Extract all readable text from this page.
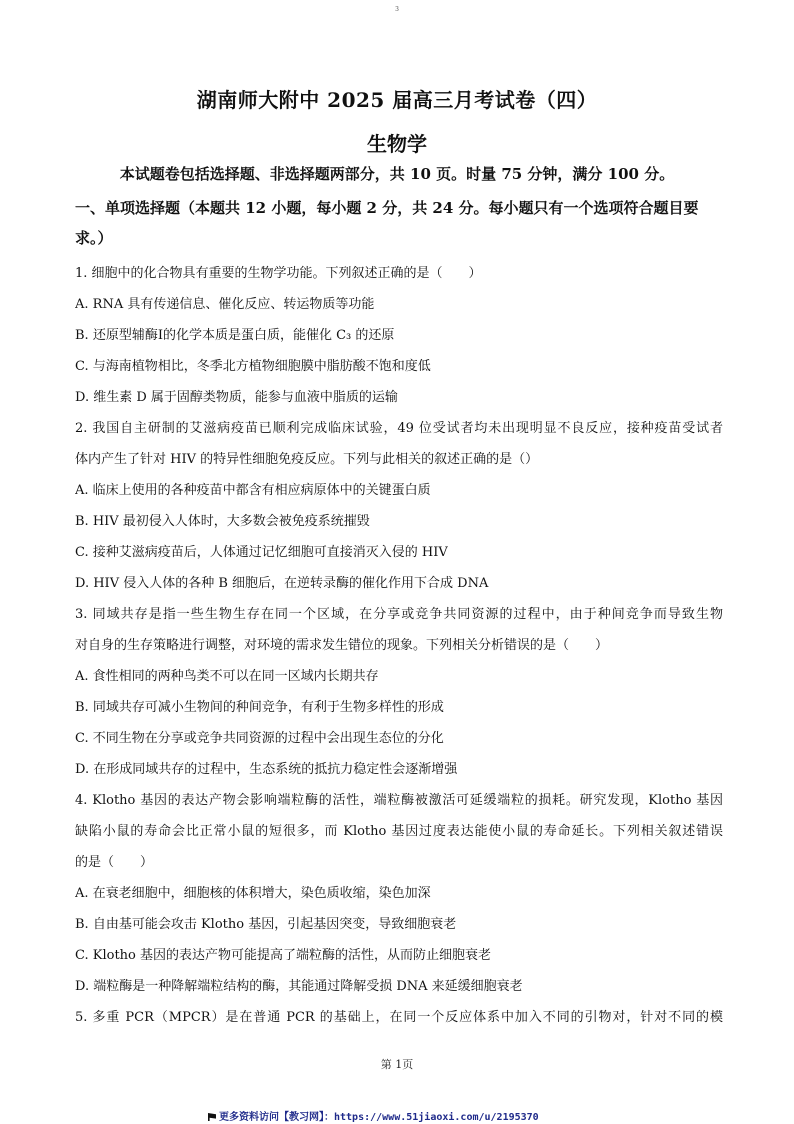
3
湖南师大附中 2025 届高三月考试卷（四）
生物学
本试题卷包括选择题、非选择题两部分，共 10 页。时量 75 分钟，满分 100 分。
一、单项选择题（本题共 12 小题，每小题 2 分，共 24 分。每小题只有一个选项符合题目要
求。）
1. 细胞中的化合物具有重要的生物学功能。下列叙述正确的是（　　）
A. RNA 具有传递信息、催化反应、转运物质等功能
B. 还原型辅酶Ⅰ的化学本质是蛋白质，能催化 C₃ 的还原
C. 与海南植物相比，冬季北方植物细胞膜中脂肪酸不饱和度低
D. 维生素 D 属于固醇类物质，能参与血液中脂质的运输
2. 我国自主研制的艾滋病疫苗已顺利完成临床试验，49 位受试者均未出现明显不良反应，接种疫苗受试者
体内产生了针对 HIV 的特异性细胞免疫反应。下列与此相关的叙述正确的是（）
A. 临床上使用的各种疫苗中都含有相应病原体中的关键蛋白质
B. HIV 最初侵入人体时，大多数会被免疫系统摧毁
C. 接种艾滋病疫苗后，人体通过记忆细胞可直接消灭入侵的 HIV
D. HIV 侵入人体的各种 B 细胞后，在逆转录酶的催化作用下合成 DNA
3. 同域共存是指一些生物生存在同一个区域，在分享或竞争共同资源的过程中，由于种间竞争而导致生物
对自身的生存策略进行调整，对环境的需求发生错位的现象。下列相关分析错误的是（　　）
A. 食性相同的两种鸟类不可以在同一区域内长期共存
B. 同域共存可减小生物间的种间竞争，有利于生物多样性的形成
C. 不同生物在分享或竞争共同资源的过程中会出现生态位的分化
D. 在形成同域共存的过程中，生态系统的抵抗力稳定性会逐渐增强
4. Klotho 基因的表达产物会影响端粒酶的活性，端粒酶被激活可延缓端粒的损耗。研究发现，Klotho 基因
缺陷小鼠的寿命会比正常小鼠的短很多，而 Klotho 基因过度表达能使小鼠的寿命延长。下列相关叙述错误
的是（　　）
A. 在衰老细胞中，细胞核的体积增大，染色质收缩，染色加深
B. 自由基可能会攻击 Klotho 基因，引起基因突变，导致细胞衰老
C. Klotho 基因的表达产物可能提高了端粒酶的活性，从而防止细胞衰老
D. 端粒酶是一种降解端粒结构的酶，其能通过降解受损 DNA 来延缓细胞衰老
5. 多重 PCR（MPCR）是在普通 PCR 的基础上，在同一个反应体系中加入不同的引物对，针对不同的模
第 1页
更多资料访问【教习网】：https://www.51jiaoxi.com/u/2195370
